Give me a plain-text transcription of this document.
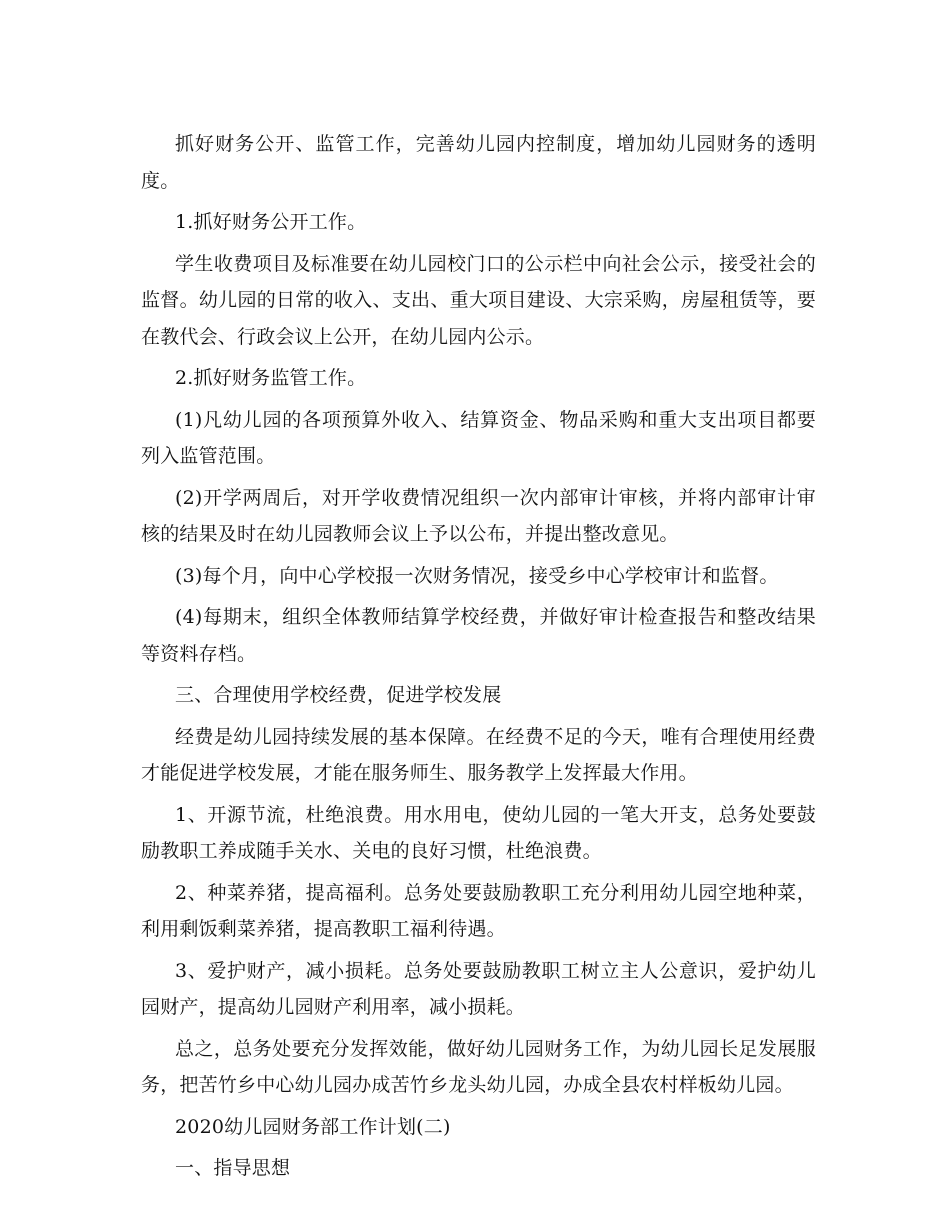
抓好财务公开、监管工作，完善幼儿园内控制度，增加幼儿园财务的透明度。

1.抓好财务公开工作。

学生收费项目及标准要在幼儿园校门口的公示栏中向社会公示，接受社会的监督。幼儿园的日常的收入、支出、重大项目建设、大宗采购，房屋租赁等，要在教代会、行政会议上公开，在幼儿园内公示。

2.抓好财务监管工作。

(1)凡幼儿园的各项预算外收入、结算资金、物品采购和重大支出项目都要列入监管范围。

(2)开学两周后，对开学收费情况组织一次内部审计审核，并将内部审计审核的结果及时在幼儿园教师会议上予以公布，并提出整改意见。

(3)每个月，向中心学校报一次财务情况，接受乡中心学校审计和监督。

(4)每期末，组织全体教师结算学校经费，并做好审计检查报告和整改结果等资料存档。

三、合理使用学校经费，促进学校发展

经费是幼儿园持续发展的基本保障。在经费不足的今天，唯有合理使用经费才能促进学校发展，才能在服务师生、服务教学上发挥最大作用。

1、开源节流，杜绝浪费。用水用电，使幼儿园的一笔大开支，总务处要鼓励教职工养成随手关水、关电的良好习惯，杜绝浪费。

2、种菜养猪，提高福利。总务处要鼓励教职工充分利用幼儿园空地种菜，利用剩饭剩菜养猪，提高教职工福利待遇。

3、爱护财产，减小损耗。总务处要鼓励教职工树立主人公意识，爱护幼儿园财产，提高幼儿园财产利用率，减小损耗。

总之，总务处要充分发挥效能，做好幼儿园财务工作，为幼儿园长足发展服务，把苦竹乡中心幼儿园办成苦竹乡龙头幼儿园，办成全县农村样板幼儿园。

2020幼儿园财务部工作计划(二)

一、指导思想
